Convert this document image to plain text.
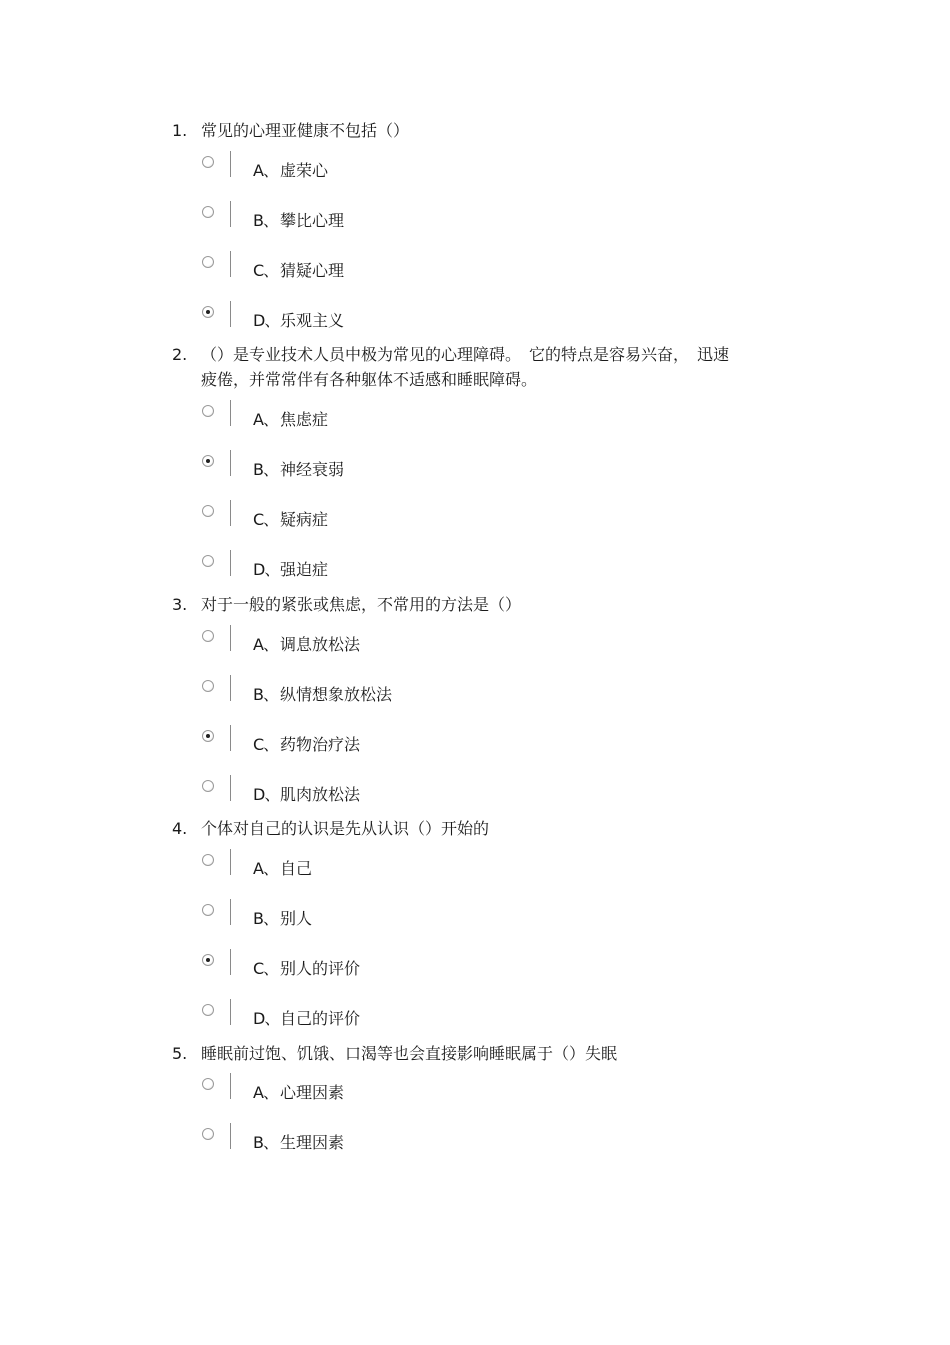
1. 常见的心理亚健康不包括（）
A、 虚荣心
B、 攀比心理
C、 猜疑心理
D、 乐观主义
2. （）是专业技术人员中极为常见的心理障碍。　它的特点是容易兴奋，　迅速
疲倦，并常常伴有各种躯体不适感和睡眠障碍。
A、 焦虑症
B、 神经衰弱
C、 疑病症
D、 强迫症
3. 对于一般的紧张或焦虑，不常用的方法是（）
A、 调息放松法
B、 纵情想象放松法
C、 药物治疗法
D、 肌肉放松法
4. 个体对自己的认识是先从认识（）开始的
A、 自己
B、 别人
C、 别人的评价
D、 自己的评价
5. 睡眠前过饱、饥饿、口渴等也会直接影响睡眠属于（）失眠
A、 心理因素
B、 生理因素
